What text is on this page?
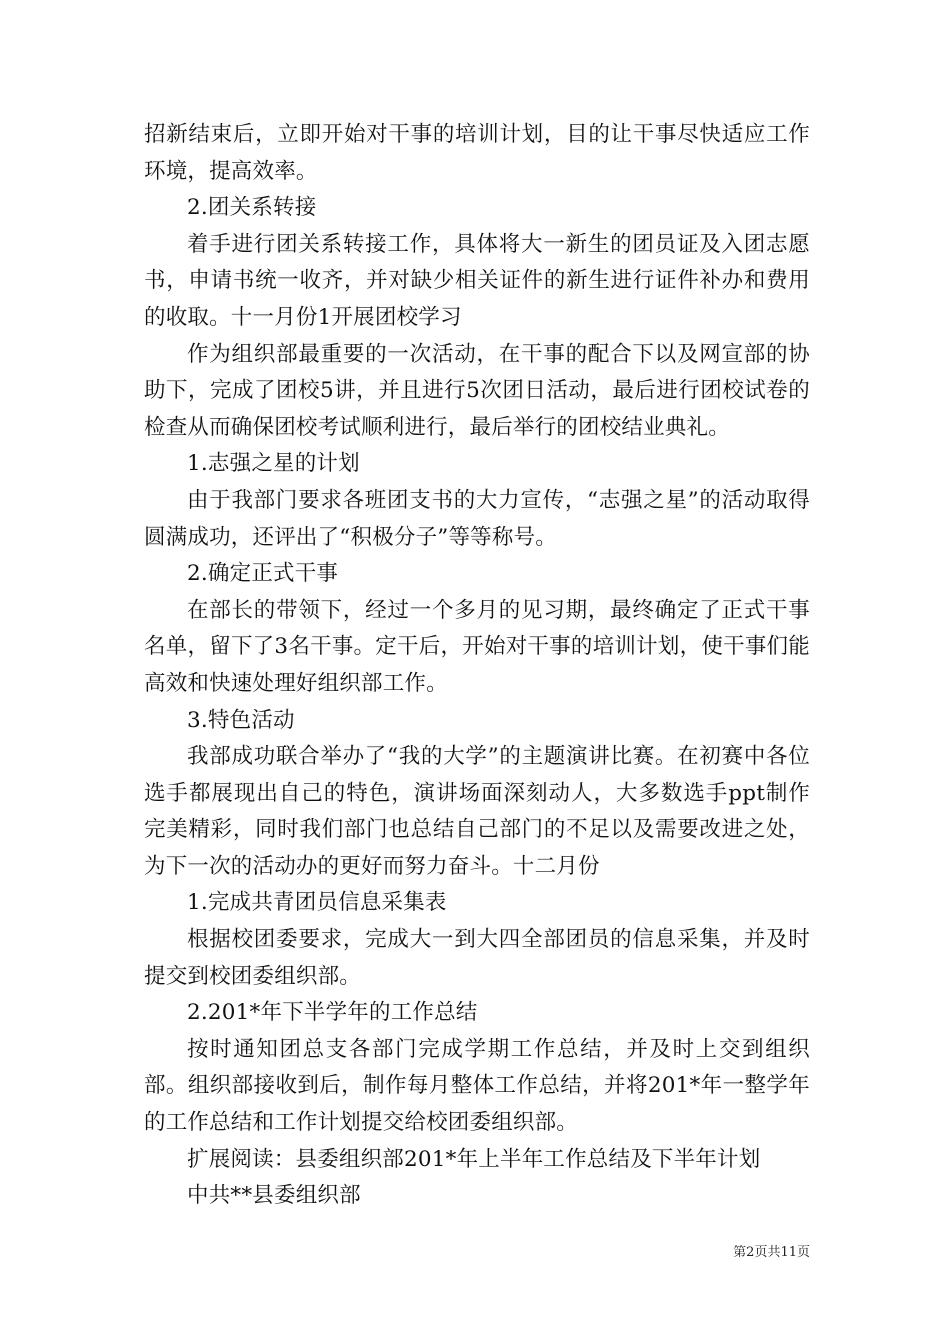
招新结束后，立即开始对干事的培训计划，目的让干事尽快适应工作环境，提高效率。

2.团关系转接

着手进行团关系转接工作，具体将大一新生的团员证及入团志愿书，申请书统一收齐，并对缺少相关证件的新生进行证件补办和费用的收取。十一月份1开展团校学习

作为组织部最重要的一次活动，在干事的配合下以及网宣部的协助下，完成了团校5讲，并且进行5次团日活动，最后进行团校试卷的检查从而确保团校考试顺利进行，最后举行的团校结业典礼。

1.志强之星的计划

由于我部门要求各班团支书的大力宣传，“志强之星”的活动取得圆满成功，还评出了“积极分子”等等称号。

2.确定正式干事

在部长的带领下，经过一个多月的见习期，最终确定了正式干事名单，留下了3名干事。定干后，开始对干事的培训计划，使干事们能高效和快速处理好组织部工作。

3.特色活动

我部成功联合举办了“我的大学”的主题演讲比赛。在初赛中各位选手都展现出自己的特色，演讲场面深刻动人，大多数选手ppt制作完美精彩，同时我们部门也总结自己部门的不足以及需要改进之处，为下一次的活动办的更好而努力奋斗。十二月份

1.完成共青团员信息采集表

根据校团委要求，完成大一到大四全部团员的信息采集，并及时提交到校团委组织部。

2.201*年下半学年的工作总结

按时通知团总支各部门完成学期工作总结，并及时上交到组织部。组织部接收到后，制作每月整体工作总结，并将201*年一整学年的工作总结和工作计划提交给校团委组织部。

扩展阅读：县委组织部201*年上半年工作总结及下半年计划

中共**县委组织部

第2页共11页
